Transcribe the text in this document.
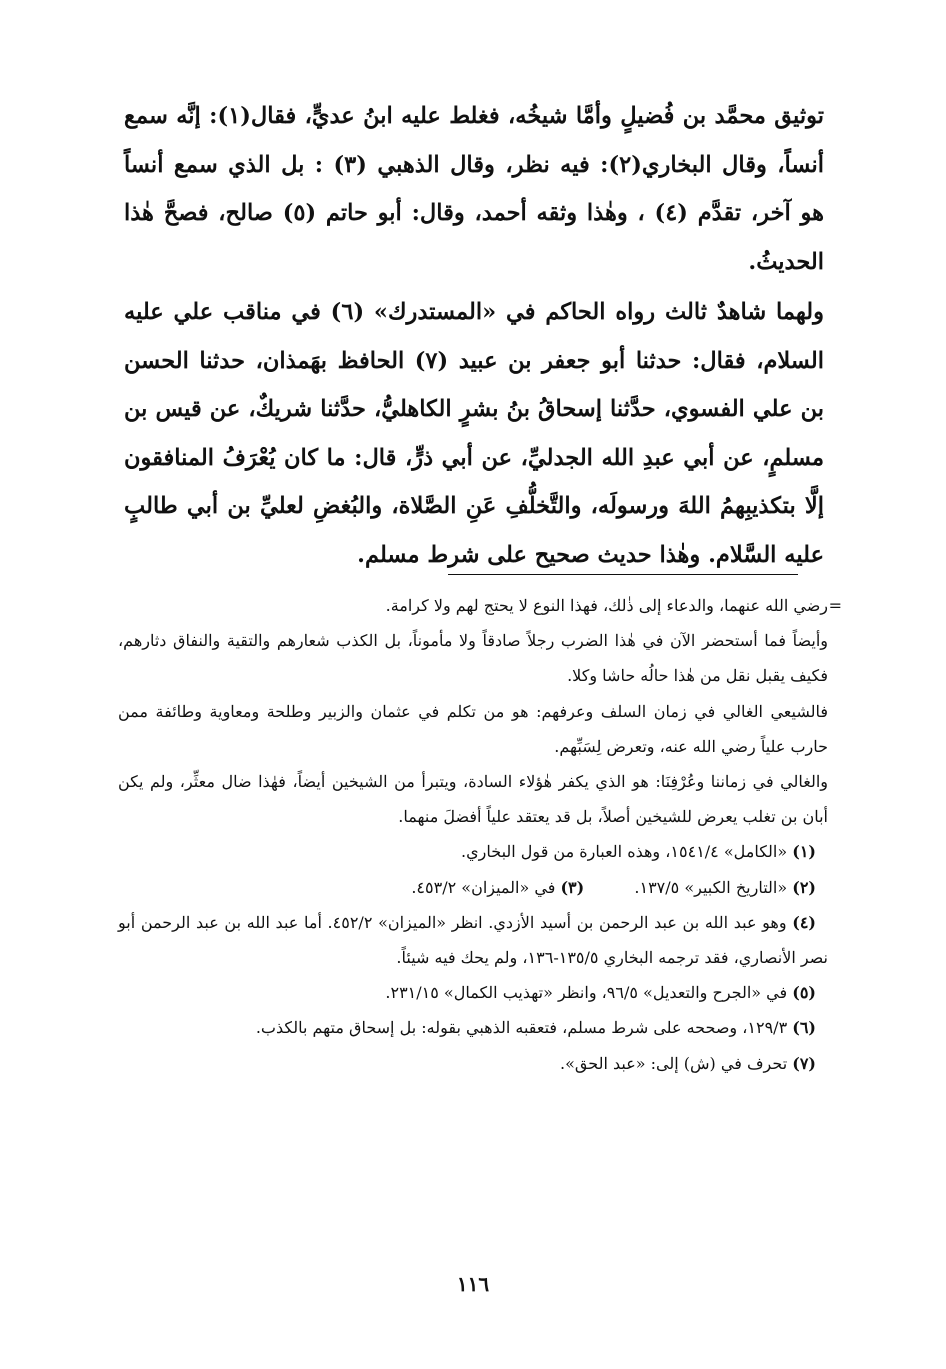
توثيق محمَّد بن فُضيلٍ وأمَّا شيخُه، فغلط عليه ابنُ عديٍّ، فقال(١): إنَّه سمع أنساً، وقال البخاري(٢): فيه نظر، وقال الذهبي (٣) : بل الذي سمع أنساً هو آخر، تقدَّم (٤) ، وهٰذا وثقه أحمد، وقال: أبو حاتم (٥) صالح، فصحَّ هٰذا الحديثُ.

ولهما شاهدٌ ثالث رواه الحاكم في «المستدرك» (٦) في مناقب علي عليه السلام، فقال: حدثنا أبو جعفر بن عبيد (٧) الحافظ بهَمذان، حدثنا الحسن بن علي الفسوي، حدَّثنا إسحاقُ بنُ بشرٍ الكاهليُّ، حدَّثنا شريكٌ، عن قيس بن مسلمٍ، عن أبي عبدِ الله الجدليِّ، عن أبي ذرٍّ، قال: ما كان يُعْرَفُ المنافقون إلَّا بتكذيبِهمُ اللهَ ورسولَه، والتَّخلُّفِ عَنِ الصَّلاة، والبُغضِ لعليِّ بن أبي طالبٍ عليه السَّلام. وهٰذا حديث صحيح على شرط مسلم.

= رضي الله عنهما، والدعاء إلى ذٰلك، فهذا النوع لا يحتج لهم ولا كرامة.

وأيضاً فما أستحضر الآن في هٰذا الضرب رجلاً صادقاً ولا مأموناً، بل الكذب شعارهم والتقية والنفاق دثارهم، فكيف يقبل نقل من هٰذا حالُه حاشا وكلا.

فالشيعي الغالي في زمان السلف وعرفهم: هو من تكلم في عثمان والزبير وطلحة ومعاوية وطائفة ممن حارب علياً رضي الله عنه، وتعرض لِسَبِّهم.

والغالي في زماننا وعُرْفِنَا: هو الذي يكفر هٰؤلاء السادة، ويتبرأ من الشيخين أيضاً، فهٰذا ضال معثِّر، ولم يكن أبان بن تغلب يعرض للشيخين أصلاً، بل قد يعتقد علياً أفضلَ منهما.

(١) «الكامل» ١٥٤١/٤، وهذه العبارة من قول البخاري.

(٢) «التاريخ الكبير» ١٣٧/٥.  (٣) في «الميزان» ٤٥٣/٢.

(٤) وهو عبد الله بن عبد الرحمن بن أسيد الأزدي. انظر «الميزان» ٤٥٢/٢. أما عبد الله بن عبد الرحمن أبو نصر الأنصاري، فقد ترجمه البخاري ١٣٥/٥-١٣٦، ولم يحك فيه شيئاً.

(٥) في «الجرح والتعديل» ٩٦/٥، وانظر «تهذيب الكمال» ٢٣١/١٥.

(٦) ١٢٩/٣، وصححه على شرط مسلم، فتعقبه الذهبي بقوله: بل إسحاق متهم بالكذب.

(٧) تحرف في (ش) إلى: «عبد الحق».

١١٦
